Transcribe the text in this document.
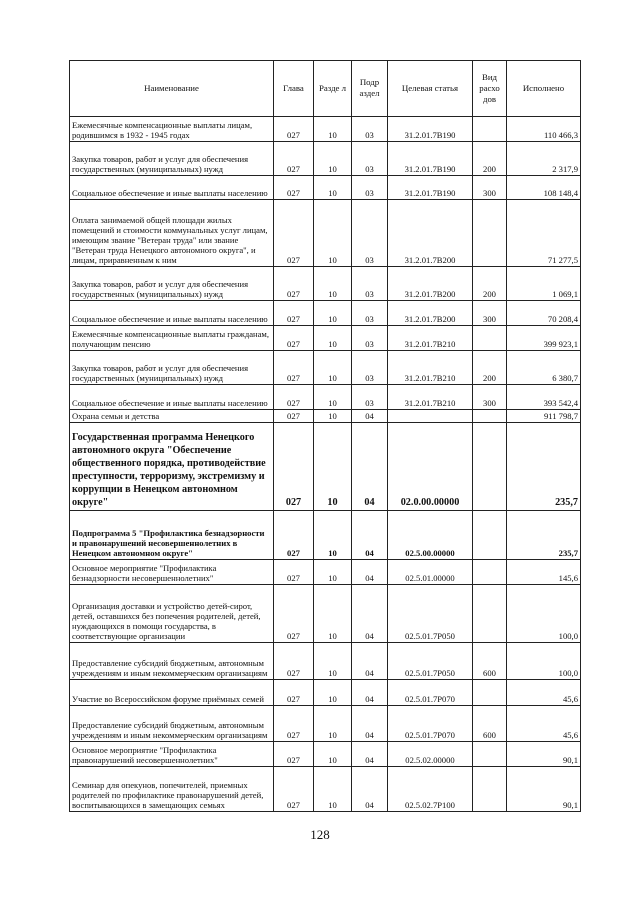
Наименование	Глава	Разде л	Подр аздел	Целевая статья	Вид расхо дов	Исполнено
Ежемесячные компенсационные выплаты лицам, родившимся в 1932 - 1945 годах	027	10	03	31.2.01.7В190		110 466,3
Закупка товаров, работ и услуг для обеспечения государственных (муниципальных) нужд	027	10	03	31.2.01.7В190	200	2 317,9
Социальное обеспечение и иные выплаты населению	027	10	03	31.2.01.7В190	300	108 148,4
Оплата занимаемой общей площади жилых помещений и стоимости коммунальных услуг лицам, имеющим звание "Ветеран труда" или звание "Ветеран труда Ненецкого автономного округа", и лицам, приравненным к ним	027	10	03	31.2.01.7В200		71 277,5
Закупка товаров, работ и услуг для обеспечения государственных (муниципальных) нужд	027	10	03	31.2.01.7В200	200	1 069,1
Социальное обеспечение и иные выплаты населению	027	10	03	31.2.01.7В200	300	70 208,4
Ежемесячные компенсационные выплаты гражданам, получающим пенсию	027	10	03	31.2.01.7В210		399 923,1
Закупка товаров, работ и услуг для обеспечения государственных (муниципальных) нужд	027	10	03	31.2.01.7В210	200	6 380,7
Социальное обеспечение и иные выплаты населению	027	10	03	31.2.01.7В210	300	393 542,4
Охрана семьи и детства	027	10	04			911 798,7
Государственная программа Ненецкого автономного округа "Обеспечение общественного порядка, противодействие преступности, терроризму, экстремизму и коррупции в Ненецком автономном округе"	027	10	04	02.0.00.00000		235,7
Подпрограмма 5 "Профилактика безнадзорности и правонарушений несовершеннолетних в Ненецком автономном округе"	027	10	04	02.5.00.00000		235,7
Основное мероприятие "Профилактика безнадзорности несовершеннолетних"	027	10	04	02.5.01.00000		145,6
Организация доставки и устройство детей-сирот, детей, оставшихся без попечения родителей, детей, нуждающихся в помощи государства, в соответствующие организации	027	10	04	02.5.01.7Р050		100,0
Предоставление субсидий бюджетным, автономным учреждениям и иным некоммерческим организациям	027	10	04	02.5.01.7Р050	600	100,0
Участие во Всероссийском форуме приёмных семей	027	10	04	02.5.01.7Р070		45,6
Предоставление субсидий бюджетным, автономным учреждениям и иным некоммерческим организациям	027	10	04	02.5.01.7Р070	600	45,6
Основное мероприятие "Профилактика правонарушений несовершеннолетних"	027	10	04	02.5.02.00000		90,1
Семинар для опекунов, попечителей, приемных родителей по профилактике правонарушений детей, воспитывающихся в замещающих семьях	027	10	04	02.5.02.7Р100		90,1
128
